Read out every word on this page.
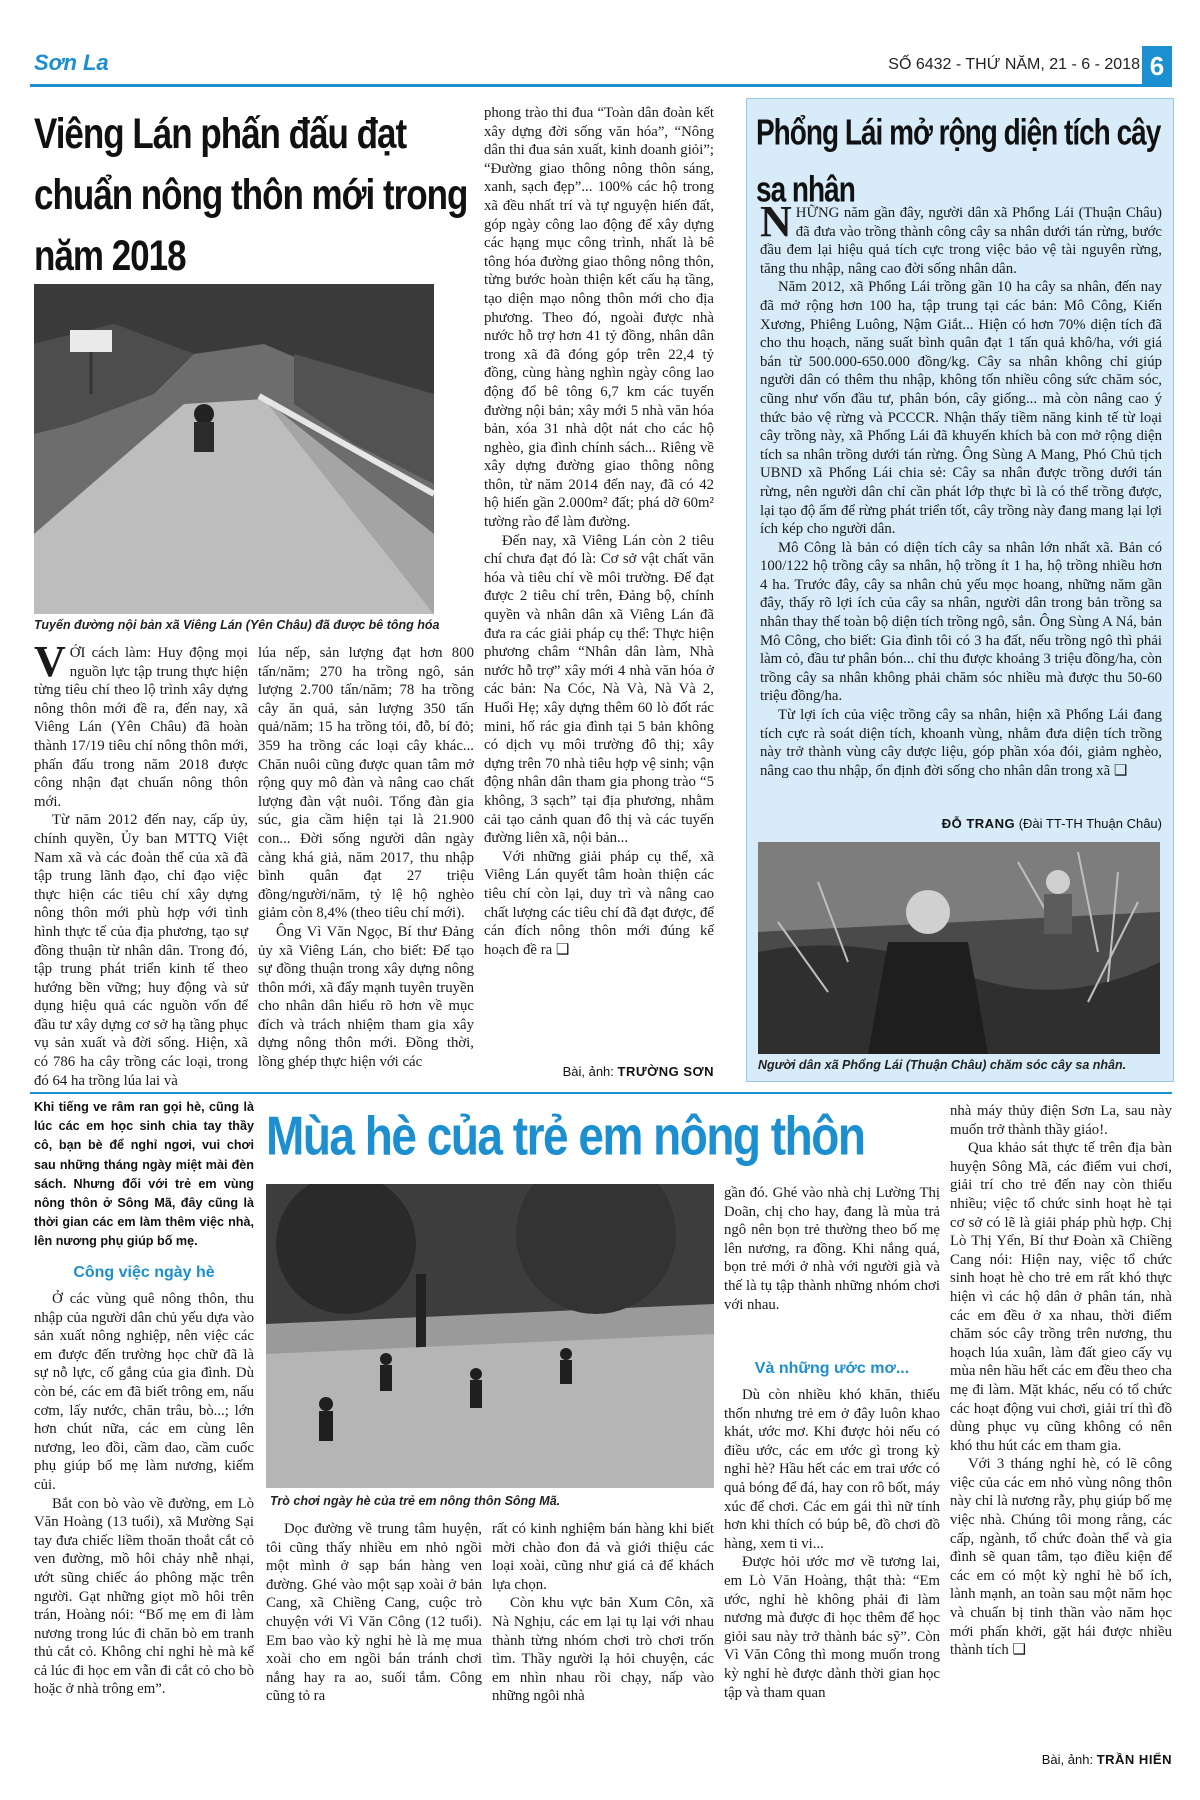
Sơn La	SỐ 6432 - THỨ NĂM, 21 - 6 - 2018 6
Viêng Lán phấn đấu đạt chuẩn nông thôn mới trong năm 2018
Tuyến đường nội bản xã Viêng Lán (Yên Châu) đã được bê tông hóa

VỚI cách làm: Huy động mọi nguồn lực tập trung thực hiện từng tiêu chí theo lộ trình xây dựng nông thôn mới đề ra, đến nay, xã Viêng Lán (Yên Châu) đã hoàn thành 17/19 tiêu chí nông thôn mới, phấn đấu trong năm 2018 được công nhận đạt chuẩn nông thôn mới.

Từ năm 2012 đến nay, cấp ủy, chính quyền, Ủy ban MTTQ Việt Nam xã và các đoàn thể của xã đã tập trung lãnh đạo, chỉ đạo việc thực hiện các tiêu chí xây dựng nông thôn mới phù hợp với tình hình thực tế của địa phương, tạo sự đồng thuận từ nhân dân. Trong đó, tập trung phát triển kinh tế theo hướng bền vững; huy động và sử dụng hiệu quả các nguồn vốn để đầu tư xây dựng cơ sở hạ tầng phục vụ sản xuất và đời sống. Hiện, xã có 786 ha cây trồng các loại, trong đó 64 ha trồng lúa lai và

lúa nếp, sản lượng đạt hơn 800 tấn/năm; 270 ha trồng ngô, sản lượng 2.700 tấn/năm; 78 ha trồng cây ăn quả, sản lượng 350 tấn quả/năm; 15 ha trồng tỏi, đỗ, bí đỏ; 359 ha trồng các loại cây khác... Chăn nuôi cũng được quan tâm mở rộng quy mô đàn và nâng cao chất lượng đàn vật nuôi. Tổng đàn gia súc, gia cầm hiện tại là 21.900 con... Đời sống người dân ngày càng khá giả, năm 2017, thu nhập bình quân đạt 27 triệu đồng/người/năm, tỷ lệ hộ nghèo giảm còn 8,4% (theo tiêu chí mới).

Ông Vì Văn Ngọc, Bí thư Đảng ủy xã Viêng Lán, cho biết: Để tạo sự đồng thuận trong xây dựng nông thôn mới, xã đẩy mạnh tuyên truyền cho nhân dân hiểu rõ hơn về mục đích và trách nhiệm tham gia xây dựng nông thôn mới. Đồng thời, lồng ghép thực hiện với các

phong trào thi đua “Toàn dân đoàn kết xây dựng đời sống văn hóa”, “Nông dân thi đua sản xuất, kinh doanh giỏi”; “Đường giao thông nông thôn sáng, xanh, sạch đẹp”... 100% các hộ trong xã đều nhất trí và tự nguyện hiến đất, góp ngày công lao động để xây dựng các hạng mục công trình, nhất là bê tông hóa đường giao thông nông thôn, từng bước hoàn thiện kết cấu hạ tầng, tạo diện mạo nông thôn mới cho địa phương. Theo đó, ngoài được nhà nước hỗ trợ hơn 41 tỷ đồng, nhân dân trong xã đã đóng góp trên 22,4 tỷ đồng, cùng hàng nghìn ngày công lao động đổ bê tông 6,7 km các tuyến đường nội bản; xây mới 5 nhà văn hóa bản, xóa 31 nhà dột nát cho các hộ nghèo, gia đình chính sách... Riêng về xây dựng đường giao thông nông thôn, từ năm 2014 đến nay, đã có 42 hộ hiến gần 2.000m² đất; phá dỡ 60m² tường rào để làm đường.

Đến nay, xã Viêng Lán còn 2 tiêu chí chưa đạt đó là: Cơ sở vật chất văn hóa và tiêu chí về môi trường. Để đạt được 2 tiêu chí trên, Đảng bộ, chính quyền và nhân dân xã Viêng Lán đã đưa ra các giải pháp cụ thể: Thực hiện phương châm “Nhân dân làm, Nhà nước hỗ trợ” xây mới 4 nhà văn hóa ở các bản: Na Cóc, Nà Và, Nà Và 2, Huổi Hẹ; xây dựng thêm 60 lò đốt rác mini, hố rác gia đình tại 5 bản không có dịch vụ môi trường đô thị; xây dựng trên 70 nhà tiêu hợp vệ sinh; vận động nhân dân tham gia phong trào “5 không, 3 sạch” tại địa phương, nhằm cải tạo cảnh quan đô thị và các tuyến đường liên xã, nội bản...

Với những giải pháp cụ thể, xã Viêng Lán quyết tâm hoàn thiện các tiêu chí còn lại, duy trì và nâng cao chất lượng các tiêu chí đã đạt được, để cán đích nông thôn mới đúng kế hoạch đề ra ❑

Bài, ảnh: TRƯỜNG SƠN
Phổng Lái mở rộng diện tích cây sa nhân

NHỮNG năm gần đây, người dân xã Phổng Lái (Thuận Châu) đã đưa vào trồng thành công cây sa nhân dưới tán rừng, bước đầu đem lại hiệu quả tích cực trong việc bảo vệ tài nguyên rừng, tăng thu nhập, nâng cao đời sống nhân dân.

Năm 2012, xã Phổng Lái trồng gần 10 ha cây sa nhân, đến nay đã mở rộng hơn 100 ha, tập trung tại các bản: Mô Công, Kiến Xương, Phiêng Luông, Nậm Giắt... Hiện có hơn 70% diện tích đã cho thu hoạch, năng suất bình quân đạt 1 tấn quả khô/ha, với giá bán từ 500.000-650.000 đồng/kg. Cây sa nhân không chỉ giúp người dân có thêm thu nhập, không tốn nhiều công sức chăm sóc, cũng như vốn đầu tư, phân bón, cây giống... mà còn nâng cao ý thức bảo vệ rừng và PCCCR. Nhận thấy tiềm năng kinh tế từ loại cây trồng này, xã Phổng Lái đã khuyến khích bà con mở rộng diện tích sa nhân trồng dưới tán rừng. Ông Sùng A Mang, Phó Chủ tịch UBND xã Phổng Lái chia sẻ: Cây sa nhân được trồng dưới tán rừng, nên người dân chỉ cần phát lớp thực bì là có thể trồng được, lại tạo độ ẩm để rừng phát triển tốt, cây trồng này đang mang lại lợi ích kép cho người dân.

Mô Công là bản có diện tích cây sa nhân lớn nhất xã. Bản có 100/122 hộ trồng cây sa nhân, hộ trồng ít 1 ha, hộ trồng nhiều hơn 4 ha. Trước đây, cây sa nhân chủ yếu mọc hoang, những năm gần đây, thấy rõ lợi ích của cây sa nhân, người dân trong bản trồng sa nhân thay thế toàn bộ diện tích trồng ngô, sắn. Ông Sùng A Ná, bản Mô Công, cho biết: Gia đình tôi có 3 ha đất, nếu trồng ngô thì phải làm cỏ, đầu tư phân bón... chỉ thu được khoảng 3 triệu đồng/ha, còn trồng cây sa nhân không phải chăm sóc nhiều mà được thu 50-60 triệu đồng/ha.

Từ lợi ích của việc trồng cây sa nhân, hiện xã Phổng Lái đang tích cực rà soát diện tích, khoanh vùng, nhằm đưa diện tích trồng này trở thành vùng cây dược liệu, góp phần xóa đói, giảm nghèo, nâng cao thu nhập, ổn định đời sống cho nhân dân trong xã ❑

ĐỖ TRANG (Đài TT-TH Thuận Châu)
Người dân xã Phổng Lái (Thuận Châu) chăm sóc cây sa nhân.
Khi tiếng ve râm ran gọi hè, cũng là lúc các em học sinh chia tay thầy cô, bạn bè để nghỉ ngơi, vui chơi sau những tháng ngày miệt mài đèn sách. Nhưng đối với trẻ em vùng nông thôn ở Sông Mã, đây cũng là thời gian các em làm thêm việc nhà, lên nương phụ giúp bố mẹ.
Mùa hè của trẻ em nông thôn
Công việc ngày hè

Ở các vùng quê nông thôn, thu nhập của người dân chủ yếu dựa vào sản xuất nông nghiệp, nên việc các em được đến trường học chữ đã là sự nỗ lực, cố gắng của gia đình. Dù còn bé, các em đã biết trông em, nấu cơm, lấy nước, chăn trâu, bò...; lớn hơn chút nữa, các em cùng lên nương, leo đồi, cầm dao, cầm cuốc phụ giúp bố mẹ làm nương, kiếm củi.

Bắt con bò vào về đường, em Lò Văn Hoàng (13 tuổi), xã Mường Sại tay đưa chiếc liềm thoăn thoắt cắt cỏ ven đường, mồ hôi chảy nhễ nhại, ướt sũng chiếc áo phông mặc trên người. Gạt những giọt mồ hôi trên trán, Hoàng nói: “Bố mẹ em đi làm nương trong lúc đi chăn bò em tranh thủ cắt cỏ. Không chỉ nghỉ hè mà kể cả lúc đi học em vẫn đi cắt cỏ cho bò hoặc ở nhà trông em”.

Trò chơi ngày hè của trẻ em nông thôn Sông Mã.

Dọc đường về trung tâm huyện, tôi cũng thấy nhiều em nhỏ ngồi một mình ở sạp bán hàng ven đường. Ghé vào một sạp xoài ở bản Cang, xã Chiềng Cang, cuộc trò chuyện với Vì Văn Công (12 tuổi). Em bao vào kỳ nghỉ hè là mẹ mua xoài cho em ngồi bán tránh chơi nắng hay ra ao, suối tắm. Công cũng tỏ ra

rất có kinh nghiệm bán hàng khi biết mời chào đon đả và giới thiệu các loại xoài, cũng như giá cả để khách lựa chọn.

Còn khu vực bản Xum Côn, xã Nà Nghịu, các em lại tụ lại với nhau thành từng nhóm chơi trò chơi trốn tìm. Thầy người lạ hỏi chuyện, các em nhìn nhau rồi chạy, nấp vào những ngôi nhà

gần đó. Ghé vào nhà chị Lường Thị Doãn, chị cho hay, đang là mùa trả ngô nên bọn trẻ thường theo bố mẹ lên nương, ra đồng. Khi nắng quá, bọn trẻ mới ở nhà với người già và thế là tụ tập thành những nhóm chơi với nhau.

Và những ước mơ...

Dù còn nhiều khó khăn, thiếu thốn nhưng trẻ em ở đây luôn khao khát, ước mơ. Khi được hỏi nếu có điều ước, các em ước gì trong kỳ nghỉ hè? Hầu hết các em trai ước có quả bóng để đá, hay con rô bốt, máy xúc để chơi. Các em gái thì nữ tính hơn khi thích có búp bê, đồ chơi đồ hàng, xem ti vi...

Được hỏi ước mơ về tương lai, em Lò Văn Hoàng, thật thà: “Em ước, nghỉ hè không phải đi làm nương mà được đi học thêm để học giỏi sau này trở thành bác sỹ”. Còn Vì Văn Công thì mong muốn trong kỳ nghỉ hè được dành thời gian học tập và tham quan

nhà máy thủy điện Sơn La, sau này muốn trở thành thầy giáo!.

Qua khảo sát thực tế trên địa bàn huyện Sông Mã, các điểm vui chơi, giải trí cho trẻ đến nay còn thiếu nhiều; việc tổ chức sinh hoạt hè tại cơ sở có lẽ là giải pháp phù hợp. Chị Lò Thị Yến, Bí thư Đoàn xã Chiềng Cang nói: Hiện nay, việc tổ chức sinh hoạt hè cho trẻ em rất khó thực hiện vì các hộ dân ở phân tán, nhà các em đều ở xa nhau, thời điểm chăm sóc cây trồng trên nương, thu hoạch lúa xuân, làm đất gieo cấy vụ mùa nên hầu hết các em đều theo cha mẹ đi làm. Mặt khác, nếu có tổ chức các hoạt động vui chơi, giải trí thì đồ dùng phục vụ cũng không có nên khó thu hút các em tham gia.

Với 3 tháng nghỉ hè, có lẽ công việc của các em nhỏ vùng nông thôn này chỉ là nương rẫy, phụ giúp bố mẹ việc nhà. Chúng tôi mong rằng, các cấp, ngành, tổ chức đoàn thể và gia đình sẽ quan tâm, tạo điều kiện để các em có một kỳ nghỉ hè bổ ích, lành mạnh, an toàn sau một năm học và chuẩn bị tinh thần vào năm học mới phấn khởi, gặt hái được nhiều thành tích ❑

Bài, ảnh: TRẦN HIỂN
